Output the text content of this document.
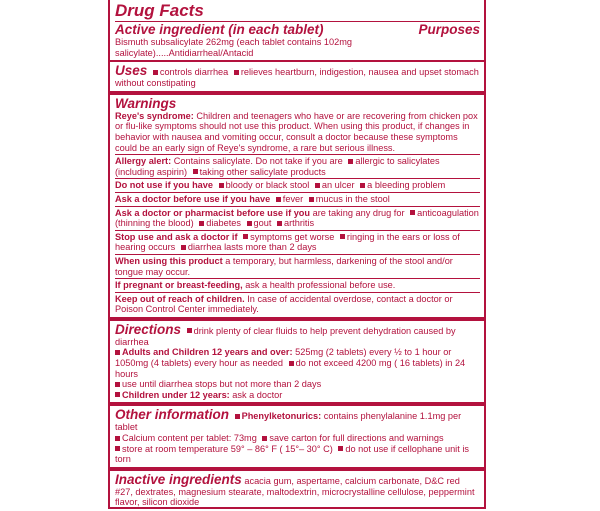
Drug Facts
Active ingredient (in each tablet)	Purposes
Bismuth subsalicylate 262mg (each tablet contains 102mg salicylate).....Antidiarrheal/Antacid
Uses controls diarrhea relieves heartburn, indigestion, nausea and upset stomach without constipating
Warnings
Reye's syndrome: Children and teenagers who have or are recovering from chicken pox or flu-like symptoms should not use this product. When using this product, if changes in behavior with nausea and vomiting occur, consult a doctor because these symptoms could be an early sign of Reye's syndrome, a rare but serious illness.
Allergy alert: Contains salicylate. Do not take if you are allergic to salicylates (including aspirin) taking other salicylate products
Do not use if you have bloody or black stool an ulcer a bleeding problem
Ask a doctor before use if you have fever mucus in the stool
Ask a doctor or pharmacist before use if you are taking any drug for anticoagulation (thinning the blood) diabetes gout arthritis
Stop use and ask a doctor if symptoms get worse ringing in the ears or loss of hearing occurs diarrhea lasts more than 2 days
When using this product a temporary, but harmless, darkening of the stool and/or tongue may occur.
If pregnant or breast-feeding, ask a health professional before use.
Keep out of reach of children. In case of accidental overdose, contact a doctor or Poison Control Center immediately.
Directions drink plenty of clear fluids to help prevent dehydration caused by diarrhea
Adults and Children 12 years and over: 525mg (2 tablets) every ½ to 1 hour or 1050mg (4 tablets) every hour as needed do not exceed 4200 mg ( 16 tablets) in 24 hours
use until diarrhea stops but not more than 2 days
Children under 12 years: ask a doctor
Other information Phenylketonurics: contains phenylalanine 1.1mg per tablet
Calcium content per tablet: 73mg save carton for full directions and warnings
store at room temperature 59° – 86° F ( 15°– 30° C) do not use if cellophane unit is torn
Inactive ingredients acacia gum, aspertame, calcium carbonate, D&C red #27, dextrates, magnesium stearate, maltodextrin, microcrystalline cellulose, peppermint flavor, silicon dioxide
